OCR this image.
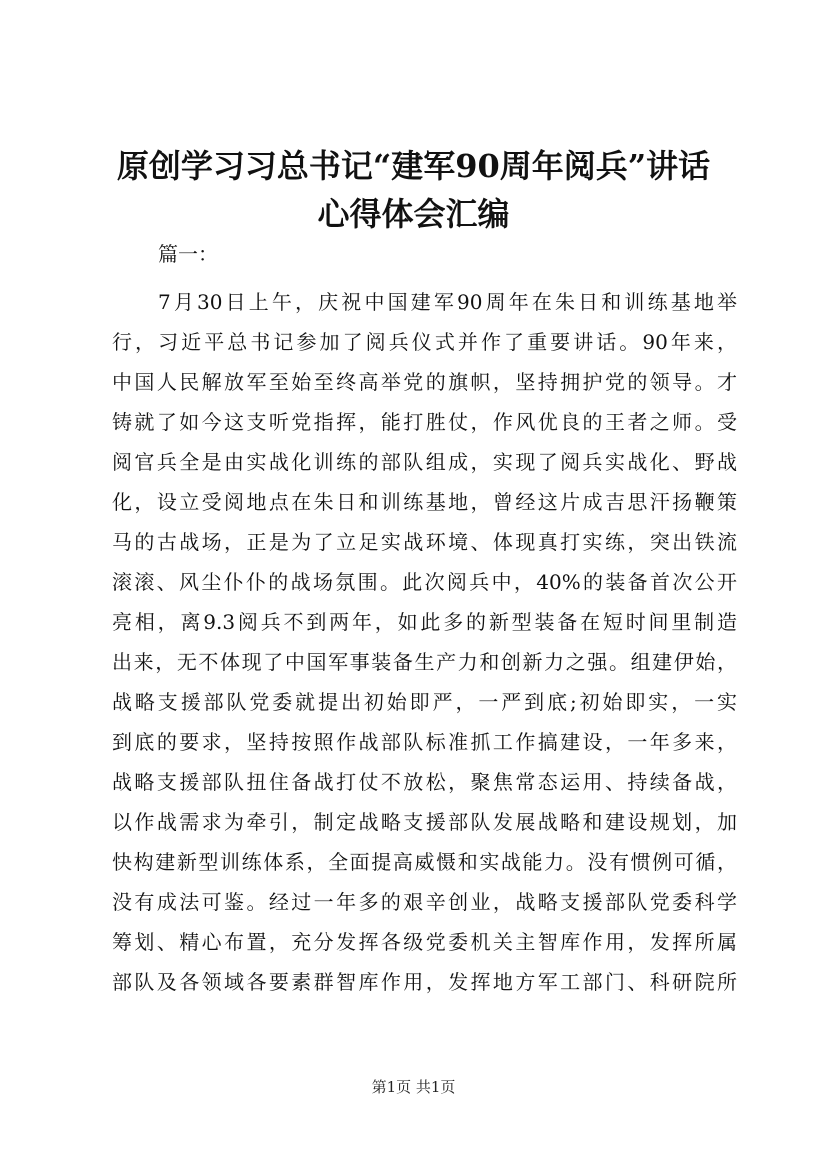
原创学习习总书记“建军90周年阅兵”讲话
心得体会汇编

篇一：

7月30日上午，庆祝中国建军90周年在朱日和训练基地举

行，习近平总书记参加了阅兵仪式并作了重要讲话。90年来，

中国人民解放军至始至终高举党的旗帜，坚持拥护党的领导。才

铸就了如今这支听党指挥，能打胜仗，作风优良的王者之师。受

阅官兵全是由实战化训练的部队组成，实现了阅兵实战化、野战

化，设立受阅地点在朱日和训练基地，曾经这片成吉思汗扬鞭策

马的古战场，正是为了立足实战环境、体现真打实练，突出铁流

滚滚、风尘仆仆的战场氛围。此次阅兵中，40%的装备首次公开

亮相，离9.3阅兵不到两年，如此多的新型装备在短时间里制造

出来，无不体现了中国军事装备生产力和创新力之强。组建伊始，

战略支援部队党委就提出初始即严，一严到底;初始即实，一实

到底的要求，坚持按照作战部队标准抓工作搞建设，一年多来，

战略支援部队扭住备战打仗不放松，聚焦常态运用、持续备战，

以作战需求为牵引，制定战略支援部队发展战略和建设规划，加

快构建新型训练体系，全面提高威慑和实战能力。没有惯例可循，

没有成法可鉴。经过一年多的艰辛创业，战略支援部队党委科学

筹划、精心布置，充分发挥各级党委机关主智库作用，发挥所属

部队及各领域各要素群智库作用，发挥地方军工部门、科研院所

第1页 共1页
